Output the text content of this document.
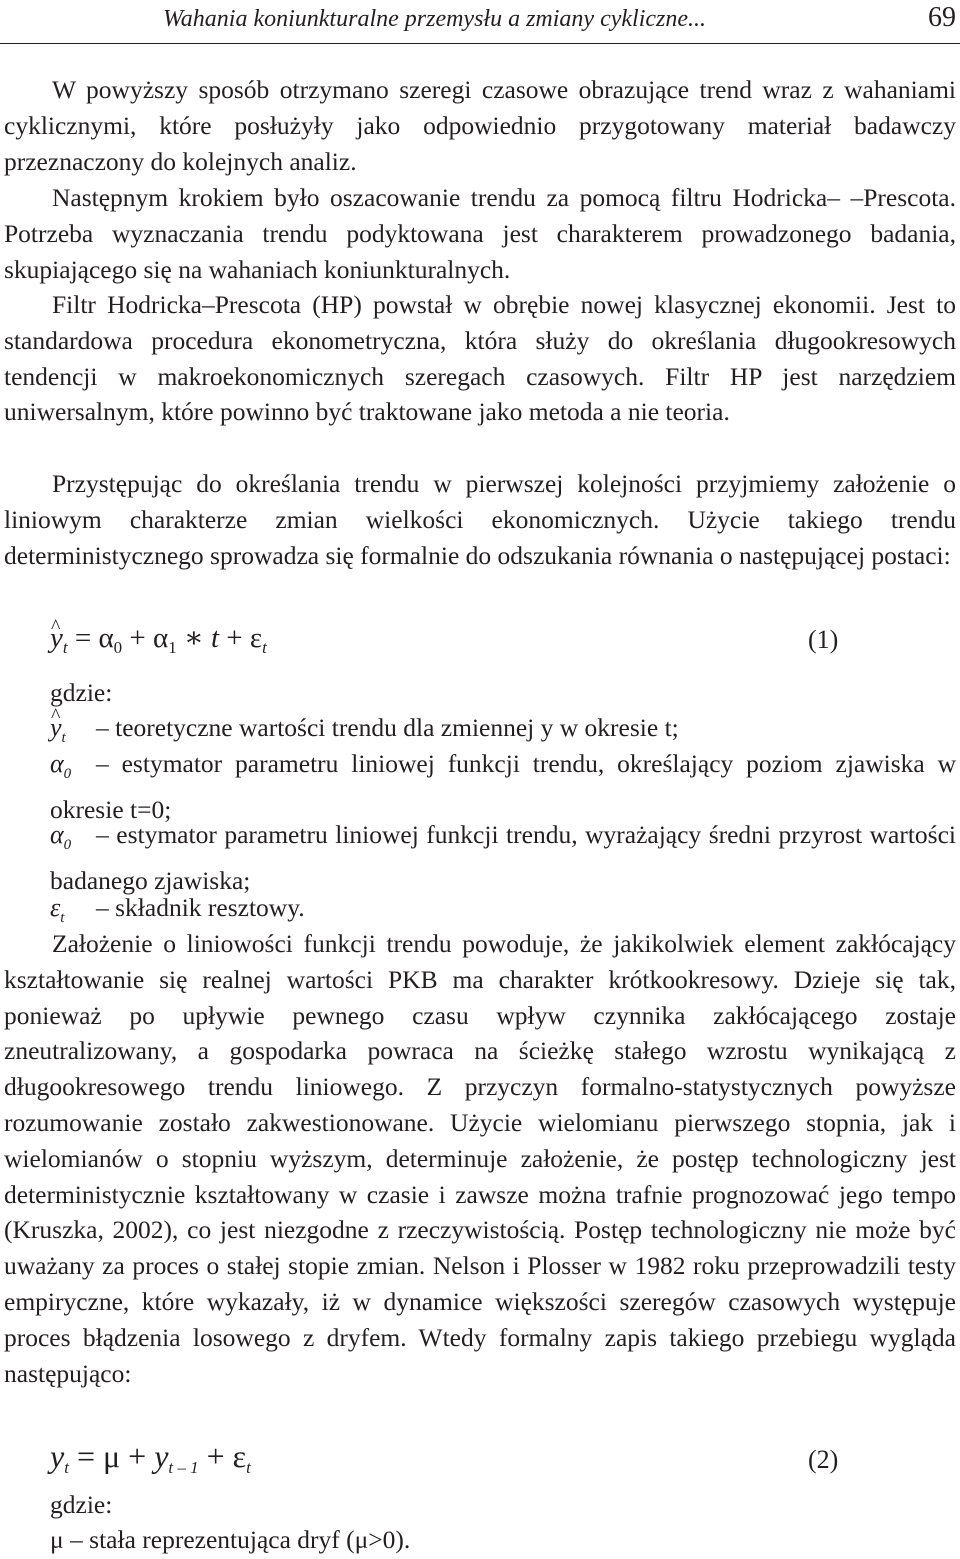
Wahania koniunkturalne przemysłu a zmiany cykliczne...	69

W powyższy sposób otrzymano szeregi czasowe obrazujące trend wraz z wahaniami cyklicznymi, które posłużyły jako odpowiednio przygotowany materiał badawczy przeznaczony do kolejnych analiz.

Następnym krokiem było oszacowanie trendu za pomocą filtru Hodricka– –Prescota. Potrzeba wyznaczania trendu podyktowana jest charakterem prowadzonego badania, skupiającego się na wahaniach koniunkturalnych.

Filtr Hodricka–Prescota (HP) powstał w obrębie nowej klasycznej ekonomii. Jest to standardowa procedura ekonometryczna, która służy do określania długookresowych tendencji w makroekonomicznych szeregach czasowych. Filtr HP jest narzędziem uniwersalnym, które powinno być traktowane jako metoda a nie teoria.

Przystępując do określania trendu w pierwszej kolejności przyjmiemy założenie o liniowym charakterze zmian wielkości ekonomicznych. Użycie takiego trendu deterministycznego sprowadza się formalnie do odszukania równania o następującej postaci:

^ $y_t = \alpha_0 + \alpha_1$ ∗ $t + \varepsilon_t$	(1)
gdzie:
^ $y_t$ – teoretyczne wartości trendu dla zmiennej y w okresie t;
$\alpha_0$ – estymator parametru liniowej funkcji trendu, określający poziom zjawiska w okresie t=0;
$\alpha_0$ – estymator parametru liniowej funkcji trendu, wyrażający średni przyrost wartości badanego zjawiska;
$\varepsilon_t$ – składnik resztowy.

Założenie o liniowości funkcji trendu powoduje, że jakikolwiek element zakłócający kształtowanie się realnej wartości PKB ma charakter krótkookresowy. Dzieje się tak, ponieważ po upływie pewnego czasu wpływ czynnika zakłócającego zostaje zneutralizowany, a gospodarka powraca na ścieżkę stałego wzrostu wynikającą z długookresowego trendu liniowego. Z przyczyn formalno-statystycznych powyższe rozumowanie zostało zakwestionowane. Użycie wielomianu pierwszego stopnia, jak i wielomianów o stopniu wyższym, determinuje założenie, że postęp technologiczny jest deterministycznie kształtowany w czasie i zawsze można trafnie prognozować jego tempo (Kruszka, 2002), co jest niezgodne z rzeczywistością. Postęp technologiczny nie może być uważany za proces o stałej stopie zmian. Nelson i Plosser w 1982 roku przeprowadzili testy empiryczne, które wykazały, iż w dynamice większości szeregów czasowych występuje proces błądzenia losowego z dryfem. Wtedy formalny zapis takiego przebiegu wygląda następująco:

$y_t = \mu + y_{t - 1} + \varepsilon_t$	(2)
gdzie:
μ – stała reprezentująca dryf (μ>0).
